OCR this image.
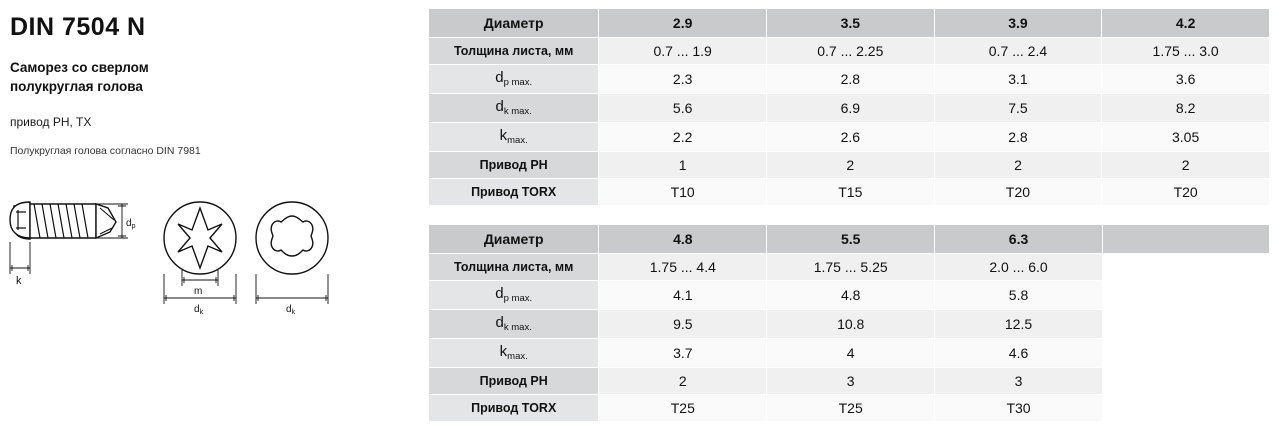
DIN 7504 N
Саморез со сверлом
полукруглая голова
привод PH, TX
Полукруглая голова согласно DIN 7981
$d_p$
k
m
$d_k$	$d_k$
Диаметр	2.9	3.5	3.9	4.2
Толщина листа, мм	0.7 ... 1.9	0.7 ... 2.25	0.7 ... 2.4	1.75 ... 3.0
$d_{p max.}$	2.3	2.8	3.1	3.6
$d_{k max.}$	5.6	6.9	7.5	8.2
$k_{max.}$	2.2	2.6	2.8	3.05
Привод PH	1	2	2	2
Привод TORX	T10	T15	T20	T20
Диаметр	4.8	5.5	6.3	
Толщина листа, мм	1.75 ... 4.4	1.75 ... 5.25	2.0 ... 6.0	
$d_{p max.}$	4.1	4.8	5.8	
$d_{k max.}$	9.5	10.8	12.5	
$k_{max.}$	3.7	4	4.6	
Привод PH	2	3	3	
Привод TORX	T25	T25	T30	
